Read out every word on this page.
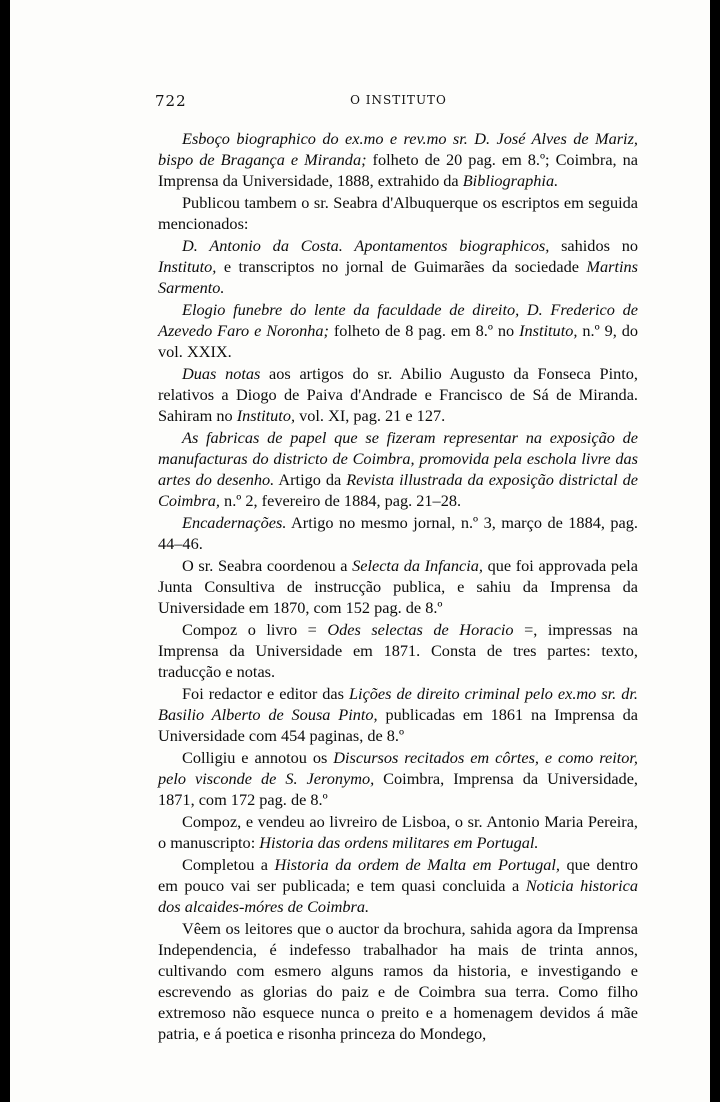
722	O INSTITUTO

Esboço biographico do ex.mo e rev.mo sr. D. José Alves de Mariz, bispo de Bragança e Miranda; folheto de 20 pag. em 8.º; Coimbra, na Imprensa da Universidade, 1888, extrahido da Bibliographia.

Publicou tambem o sr. Seabra d'Albuquerque os escriptos em seguida mencionados:

D. Antonio da Costa. Apontamentos biographicos, sahidos no Instituto, e transcriptos no jornal de Guimarães da sociedade Martins Sarmento.

Elogio funebre do lente da faculdade de direito, D. Frederico de Azevedo Faro e Noronha; folheto de 8 pag. em 8.º no Instituto, n.º 9, do vol. XXIX.

Duas notas aos artigos do sr. Abilio Augusto da Fonseca Pinto, relativos a Diogo de Paiva d'Andrade e Francisco de Sá de Miranda. Sahiram no Instituto, vol. XI, pag. 21 e 127.

As fabricas de papel que se fizeram representar na exposição de manufacturas do districto de Coimbra, promovida pela eschola livre das artes do desenho. Artigo da Revista illustrada da exposição districtal de Coimbra, n.º 2, fevereiro de 1884, pag. 21–28.

Encadernações. Artigo no mesmo jornal, n.º 3, março de 1884, pag. 44–46.

O sr. Seabra coordenou a Selecta da Infancia, que foi approvada pela Junta Consultiva de instrucção publica, e sahiu da Imprensa da Universidade em 1870, com 152 pag. de 8.º

Compoz o livro = Odes selectas de Horacio =, impressas na Imprensa da Universidade em 1871. Consta de tres partes: texto, traducção e notas.

Foi redactor e editor das Lições de direito criminal pelo ex.mo sr. dr. Basilio Alberto de Sousa Pinto, publicadas em 1861 na Imprensa da Universidade com 454 paginas, de 8.º

Colligiu e annotou os Discursos recitados em côrtes, e como reitor, pelo visconde de S. Jeronymo, Coimbra, Imprensa da Universidade, 1871, com 172 pag. de 8.º

Compoz, e vendeu ao livreiro de Lisboa, o sr. Antonio Maria Pereira, o manuscripto: Historia das ordens militares em Portugal.

Completou a Historia da ordem de Malta em Portugal, que dentro em pouco vai ser publicada; e tem quasi concluida a Noticia historica dos alcaides-móres de Coimbra.

Vêem os leitores que o auctor da brochura, sahida agora da Imprensa Independencia, é indefesso trabalhador ha mais de trinta annos, cultivando com esmero alguns ramos da historia, e investigando e escrevendo as glorias do paiz e de Coimbra sua terra. Como filho extremoso não esquece nunca o preito e a homenagem devidos á mãe patria, e á poetica e risonha princeza do Mondego,
